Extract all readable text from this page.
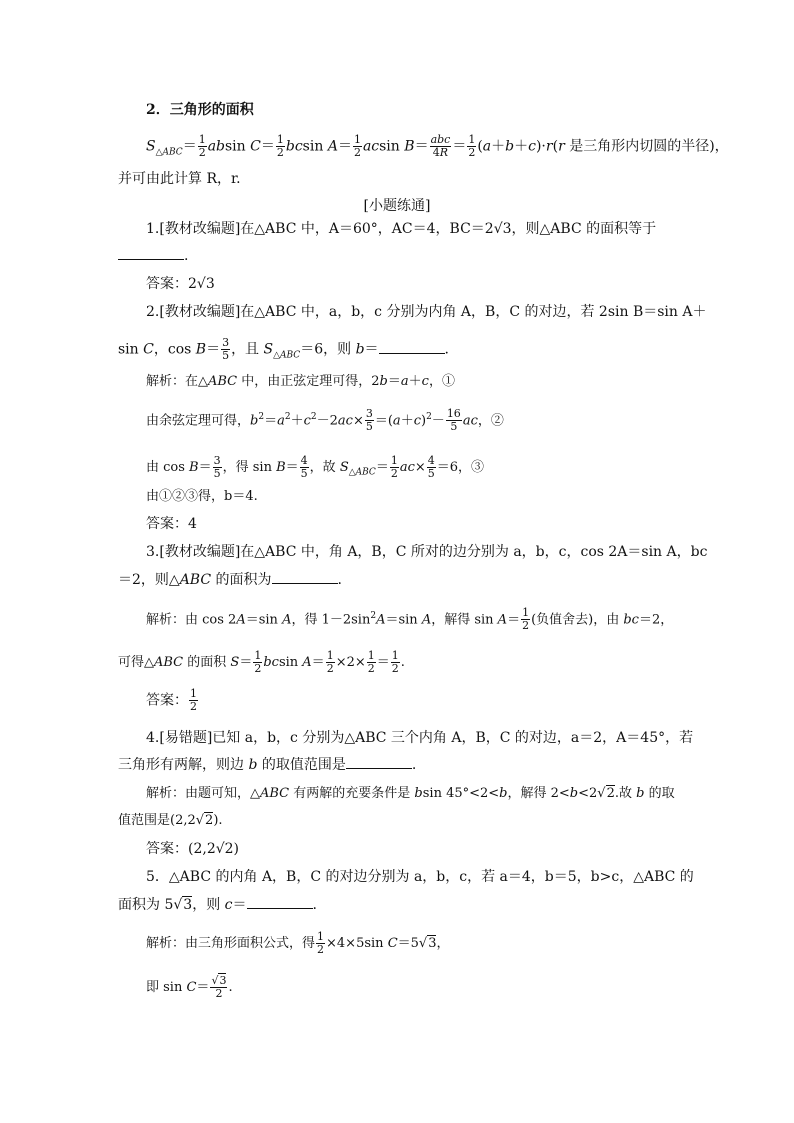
2．三角形的面积
$S_{\triangle ABC}= \frac{1}{2}$ absin $C= \frac{1}{2}$ bcsin $A= \frac{1}{2}$ acsin $B= \frac{\text{abc}}{4R} = \frac{1}{2} (a+b+c)\cdot r(r$ 是三角形内切圆的半径)，
并可由此计算 R，r.
[小题练通]
1.[教材改编题]在△ABC 中，A＝60°，AC＝4，BC＝2√3，则△ABC 的面积等于
.
答案：2√3
2.[教材改编题]在△ABC 中，a，b，c 分别为内角 A，B，C 的对边，若 2sin B＝sin A＋
sin C，$\cos B= \frac{3}{5}$ ，且 $S_{\triangle ABC}=6$，则 b＝	.
解析：在△ABC 中，由正弦定理可得，2b＝a＋c，①
由余弦定理可得，$b^2=a^2+c^2-2ac\times \frac{3}{5} =(a+c)^2- \frac{16}{5}$ ac，②
由 $\cos B= \frac{3}{5}$ ，得 $\sin B= \frac{4}{5}$ ，故 $S_{\triangle ABC}= \frac{1}{2} ac\times \frac{4}{5} =6$，③
由①②③得，b＝4.
答案：4
3.[教材改编题]在△ABC 中，角 A，B，C 所对的边分别为 a，b，c，cos 2A＝sin A，bc
＝2，则△ABC 的面积为	.
解析：由 cos 2A＝sin A，得 $1-2\sin^2A=\sin$ A，解得 $\sin A= \frac{1}{2}$ (负值舍去)，由 bc＝2，
可得△ABC 的面积 $S= \frac{1}{2}$ bcsin $A= \frac{1}{2} \times 2\times \frac{1}{2} = \frac{1}{2}$ .
答案： $\frac{1}{2}$
4.[易错题]已知 a，b，c 分别为△ABC 三个内角 A，B，C 的对边，a＝2，A＝45°，若
三角形有两解，则边 b 的取值范围是	.
解析：由题可知，△ABC 有两解的充要条件是 bsin 45°<2<b，解得 2<b<2√2.故 b 的取
值范围是(2,2√2).
答案：(2,2√2)
5．△ABC 的内角 A，B，C 的对边分别为 a，b，c，若 a＝4，b＝5，b>c，△ABC 的
面积为 5√3，则 c＝	.
解析：由三角形面积公式，得 $\frac{1}{2} \times 4\times 5\sin$ C＝5√3，
即 $\sin C= \frac{√3}{2}$ .
